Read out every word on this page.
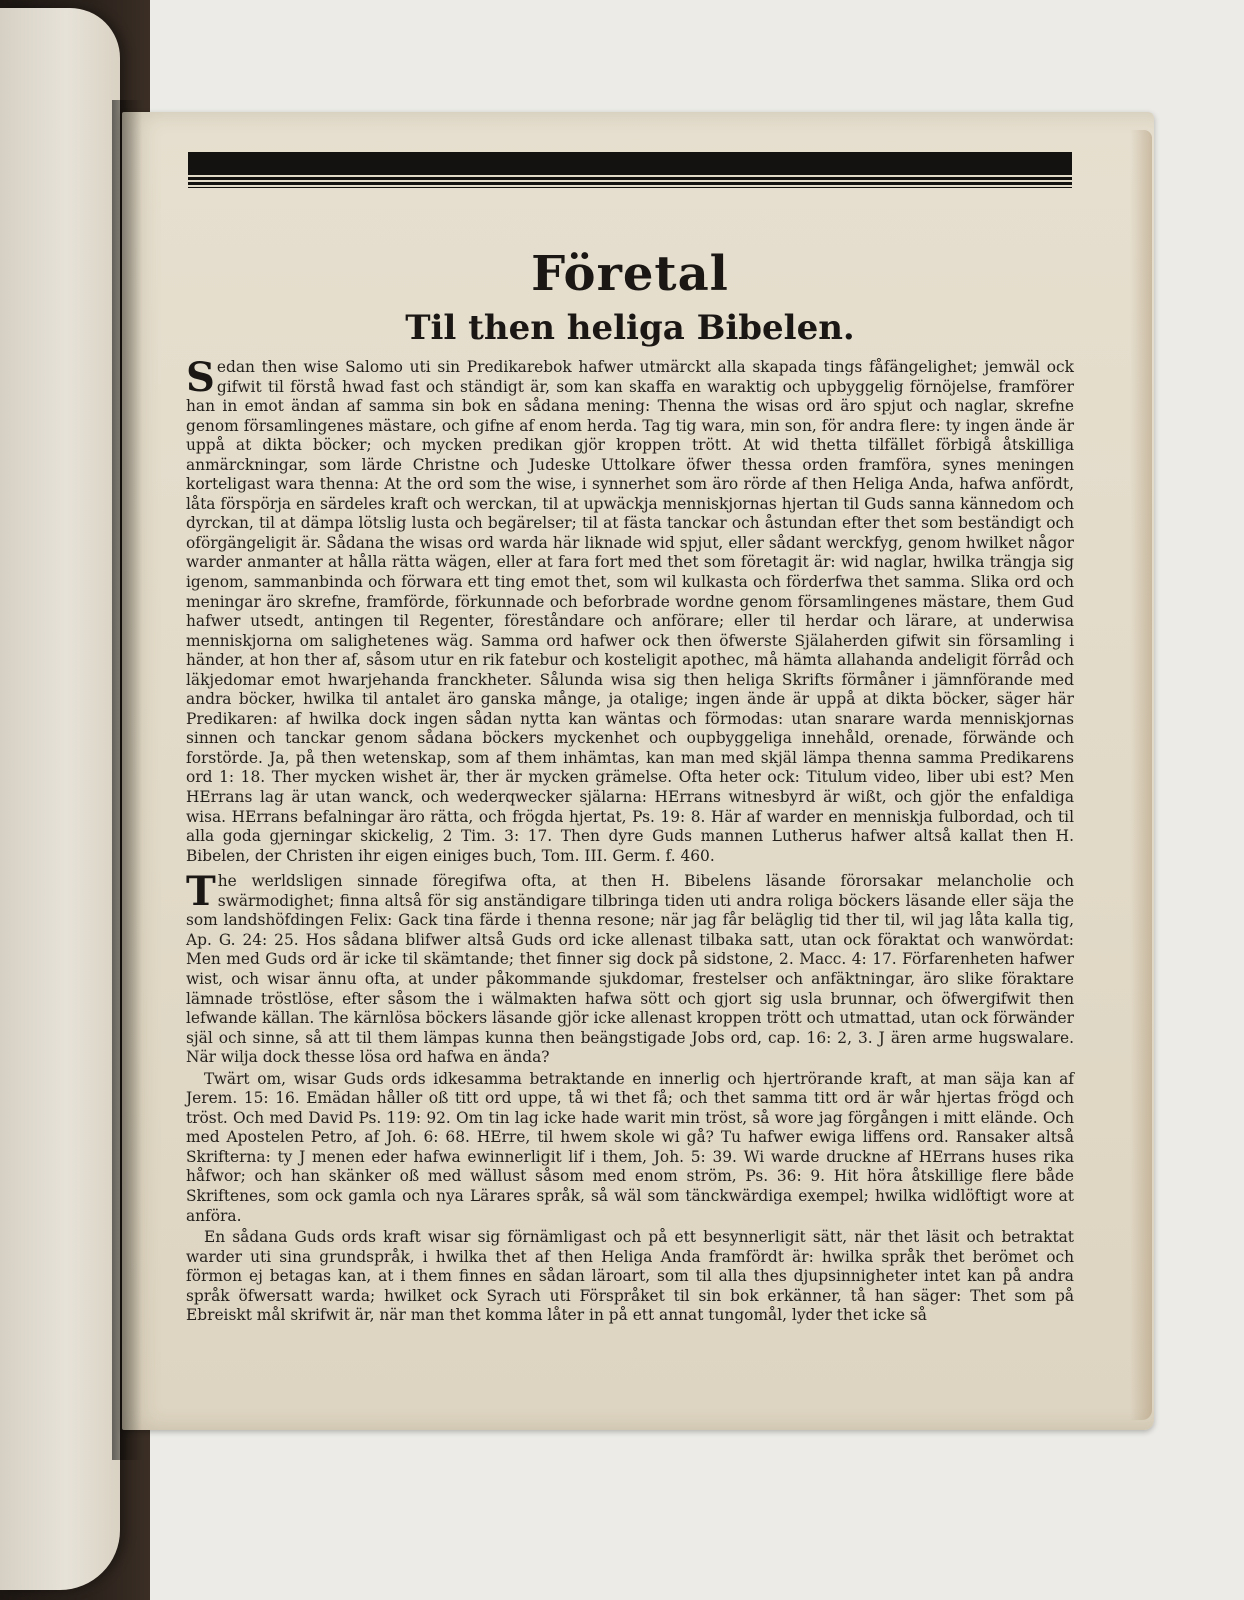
Företal
Til then heliga Bibelen.

Sedan then wise Salomo uti sin Predikarebok hafwer utmärckt alla skapada tings fåfängelighet; jemwäl ock gifwit til förstå hwad fast och ständigt är, som kan skaffa en waraktig och upbyggelig förnöjelse, framförer han in emot ändan af samma sin bok en sådana mening: Thenna the wisas ord äro spjut och naglar, skrefne genom församlingenes mästare, och gifne af enom herda. Tag tig wara, min son, för andra flere: ty ingen ände är uppå at dikta böcker; och mycken predikan gjör kroppen trött. At wid thetta tilfället förbigå åtskilliga anmärckningar, som lärde Christne och Judeske Uttolkare öfwer thessa orden framföra, synes meningen korteligast wara thenna: At the ord som the wise, i synnerhet som äro rörde af then Heliga Anda, hafwa anfördt, låta förspörja en särdeles kraft och werckan, til at upwäckja menniskjornas hjertan til Guds sanna kännedom och dyrckan, til at dämpa lötslig lusta och begärelser; til at fästa tanckar och åstundan efter thet som beständigt och oförgängeligit är. Sådana the wisas ord warda här liknade wid spjut, eller sådant werckfyg, genom hwilket någor warder anmanter at hålla rätta wägen, eller at fara fort med thet som företagit är: wid naglar, hwilka trängja sig igenom, sammanbinda och förwara ett ting emot thet, som wil kulkasta och förderfwa thet samma. Slika ord och meningar äro skrefne, framförde, förkunnade och beforbrade wordne genom församlingenes mästare, them Gud hafwer utsedt, antingen til Regenter, föreståndare och anförare; eller til herdar och lärare, at underwisa menniskjorna om salighetenes wäg. Samma ord hafwer ock then öfwerste Själaherden gifwit sin församling i händer, at hon ther af, såsom utur en rik fatebur och kosteligit apothec, må hämta allahanda andeligit förråd och läkjedomar emot hwarjehanda franckheter. Sålunda wisa sig then heliga Skrifts förmåner i jämnförande med andra böcker, hwilka til antalet äro ganska månge, ja otalige; ingen ände är uppå at dikta böcker, säger här Predikaren: af hwilka dock ingen sådan nytta kan wäntas och förmodas: utan snarare warda menniskjornas sinnen och tanckar genom sådana böckers myckenhet och oupbyggeliga innehåld, orenade, förwände och forstörde. Ja, på then wetenskap, som af them inhämtas, kan man med skjäl lämpa thenna samma Predikarens ord 1: 18. Ther mycken wishet är, ther är mycken grämelse. Ofta heter ock: Titulum video, liber ubi est? Men HErrans lag är utan wanck, och wederqwecker själarna: HErrans witnesbyrd är wißt, och gjör the enfaldiga wisa. HErrans befalningar äro rätta, och frögda hjertat, Ps. 19: 8. Här af warder en menniskja fulbordad, och til alla goda gjerningar skickelig, 2 Tim. 3: 17. Then dyre Guds mannen Lutherus hafwer altså kallat then H. Bibelen, der Christen ihr eigen einiges buch, Tom. III. Germ. f. 460.

The werldsligen sinnade föregifwa ofta, at then H. Bibelens läsande förorsakar melancholie och swärmodighet; finna altså för sig anständigare tilbringa tiden uti andra roliga böckers läsande eller säja the som landshöfdingen Felix: Gack tina färde i thenna resone; när jag får beläglig tid ther til, wil jag låta kalla tig, Ap. G. 24: 25. Hos sådana blifwer altså Guds ord icke allenast tilbaka satt, utan ock föraktat och wanwördat: Men med Guds ord är icke til skämtande; thet finner sig dock på sidstone, 2. Macc. 4: 17. Förfarenheten hafwer wist, och wisar ännu ofta, at under påkommande sjukdomar, frestelser och anfäktningar, äro slike föraktare lämnade tröstlöse, efter såsom the i wälmakten hafwa sött och gjort sig usla brunnar, och öfwergifwit then lefwande källan. The kärnlösa böckers läsande gjör icke allenast kroppen trött och utmattad, utan ock förwänder själ och sinne, så att til them lämpas kunna then beängstigade Jobs ord, cap. 16: 2, 3. J ären arme hugswalare. När wilja dock thesse lösa ord hafwa en ända?

Twärt om, wisar Guds ords idkesamma betraktande en innerlig och hjertrörande kraft, at man säja kan af Jerem. 15: 16. Emädan håller oß titt ord uppe, tå wi thet få; och thet samma titt ord är wår hjertas frögd och tröst. Och med David Ps. 119: 92. Om tin lag icke hade warit min tröst, så wore jag förgången i mitt elände. Och med Apostelen Petro, af Joh. 6: 68. HErre, til hwem skole wi gå? Tu hafwer ewiga liffens ord. Ransaker altså Skrifterna: ty J menen eder hafwa ewinnerligit lif i them, Joh. 5: 39. Wi warde druckne af HErrans huses rika håfwor; och han skänker oß med wällust såsom med enom ström, Ps. 36: 9. Hit höra åtskillige flere både Skriftenes, som ock gamla och nya Lärares språk, så wäl som tänckwärdiga exempel; hwilka widlöftigt wore at anföra.

En sådana Guds ords kraft wisar sig förnämligast och på ett besynnerligit sätt, när thet läsit och betraktat warder uti sina grundspråk, i hwilka thet af then Heliga Anda framfördt är: hwilka språk thet berömet och förmon ej betagas kan, at i them finnes en sådan läroart, som til alla thes djupsinnigheter intet kan på andra språk öfwersatt warda; hwilket ock Syrach uti Förspråket til sin bok erkänner, tå han säger: Thet som på Ebreiskt mål skrifwit är, när man thet komma låter in på ett annat tungomål, lyder thet icke så
